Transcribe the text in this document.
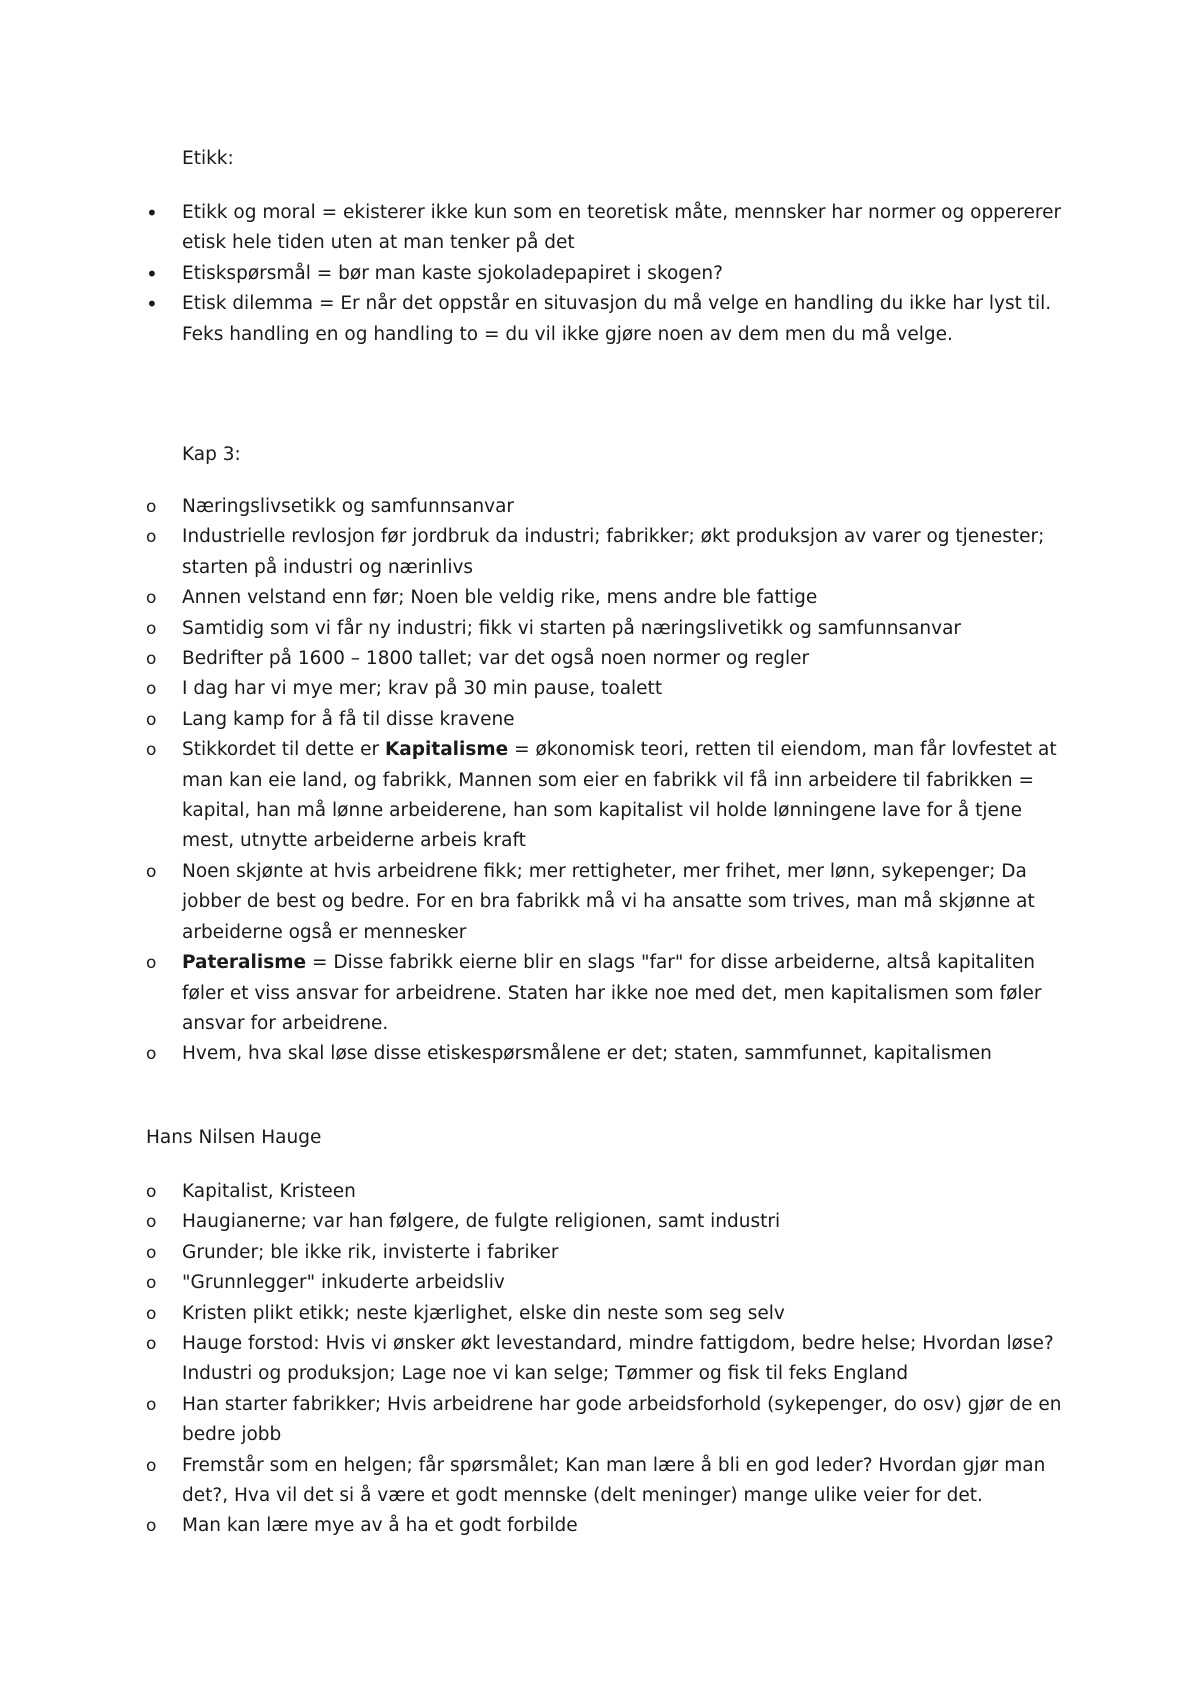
Etikk:
•
Etikk og moral = ekisterer ikke kun som en teoretisk måte, mennsker har normer og oppererer etisk hele tiden uten at man tenker på det
•
Etiskspørsmål = bør man kaste sjokoladepapiret i skogen?
•
Etisk dilemma = Er når det oppstår en situvasjon du må velge en handling du ikke har lyst til. Feks handling en og handling to = du vil ikke gjøre noen av dem men du må velge.
Kap 3:
o
Næringslivsetikk og samfunnsanvar
o
Industrielle revlosjon før jordbruk da industri; fabrikker; økt produksjon av varer og tjenester; starten på industri og nærinlivs
o
Annen velstand enn før; Noen ble veldig rike, mens andre ble fattige
o
Samtidig som vi får ny industri; fikk vi starten på næringslivetikk og samfunnsanvar
o
Bedrifter på 1600 – 1800 tallet; var det også noen normer og regler
o
I dag har vi mye mer; krav på 30 min pause, toalett
o
Lang kamp for å få til disse kravene
o
Stikkordet til dette er Kapitalisme = økonomisk teori, retten til eiendom, man får lovfestet at man kan eie land, og fabrikk, Mannen som eier en fabrikk vil få inn arbeidere til fabrikken = kapital, han må lønne arbeiderene, han som kapitalist vil holde lønningene lave for å tjene mest, utnytte arbeiderne arbeis kraft
o
Noen skjønte at hvis arbeidrene fikk; mer rettigheter, mer frihet, mer lønn, sykepenger; Da jobber de best og bedre. For en bra fabrikk må vi ha ansatte som trives, man må skjønne at arbeiderne også er mennesker
o
Pateralisme = Disse fabrikk eierne blir en slags "far" for disse arbeiderne, altså kapitaliten føler et viss ansvar for arbeidrene. Staten har ikke noe med det, men kapitalismen som føler ansvar for arbeidrene.
o
Hvem, hva skal løse disse etiskespørsmålene er det; staten, sammfunnet, kapitalismen
Hans Nilsen Hauge
o
Kapitalist, Kristeen
o
Haugianerne; var han følgere, de fulgte religionen, samt industri
o
Grunder; ble ikke rik, invisterte i fabriker
o
"Grunnlegger" inkuderte arbeidsliv
o
Kristen plikt etikk; neste kjærlighet, elske din neste som seg selv
o
Hauge forstod: Hvis vi ønsker økt levestandard, mindre fattigdom, bedre helse; Hvordan løse? Industri og produksjon; Lage noe vi kan selge; Tømmer og fisk til feks England
o
Han starter fabrikker; Hvis arbeidrene har gode arbeidsforhold (sykepenger, do osv) gjør de en bedre jobb
o
Fremstår som en helgen; får spørsmålet; Kan man lære å bli en god leder? Hvordan gjør man det?, Hva vil det si å være et godt mennske (delt meninger) mange ulike veier for det.
o
Man kan lære mye av å ha et godt forbilde
